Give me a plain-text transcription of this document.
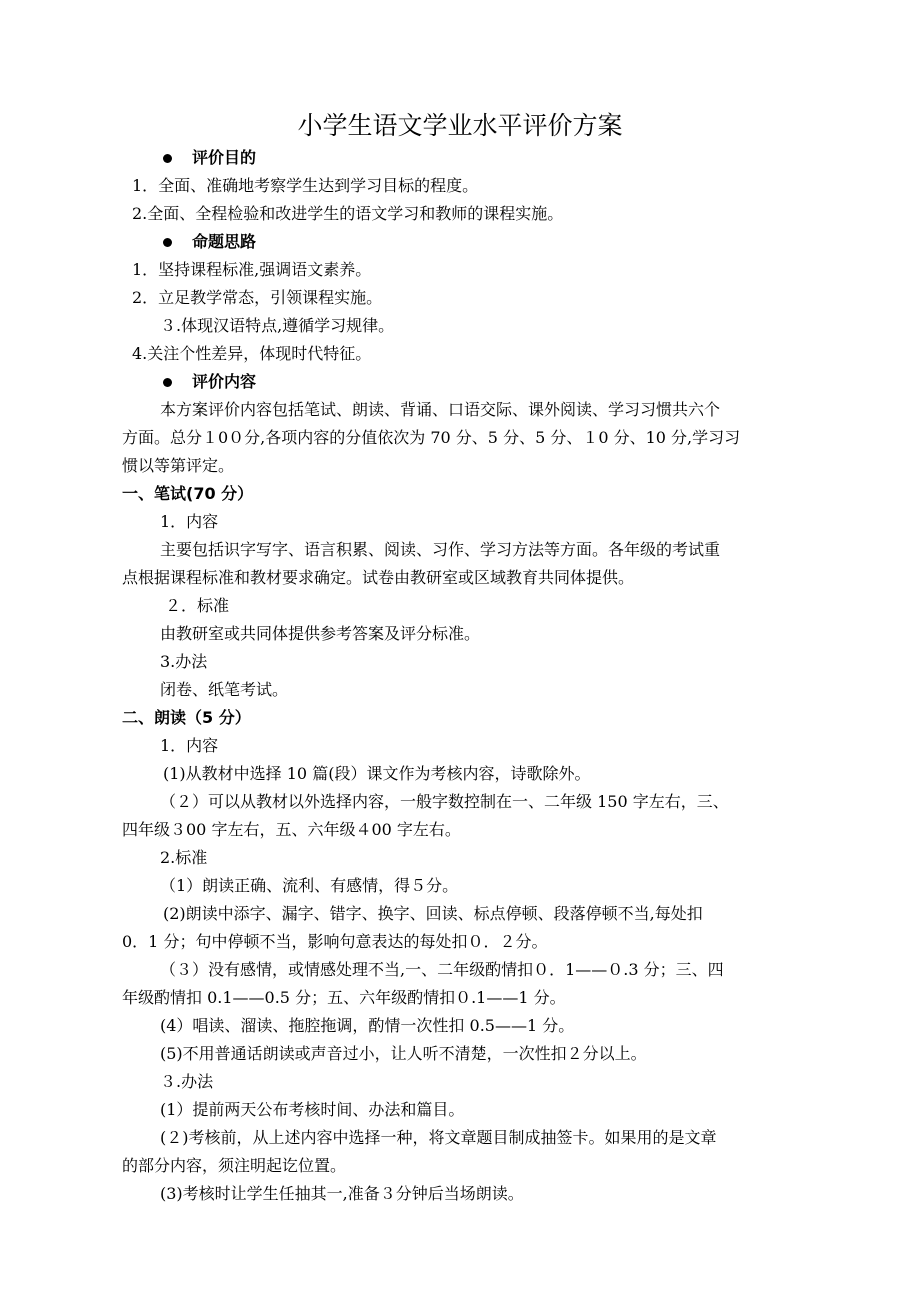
小学生语文学业水平评价方案
评价目的
1．全面、准确地考察学生达到学习目标的程度。
2.全面、全程检验和改进学生的语文学习和教师的课程实施。
命题思路
1．坚持课程标准,强调语文素养。
2．立足教学常态，引领课程实施。
３.体现汉语特点,遵循学习规律。
4.关注个性差异，体现时代特征。
评价内容
本方案评价内容包括笔试、朗读、背诵、口语交际、课外阅读、学习习惯共六个
方面。总分１0０分,各项内容的分值依次为 70 分、5 分、5 分、１0 分、10 分,学习习
惯以等第评定。
一、笔试(70 分）
1．内容
主要包括识字写字、语言积累、阅读、习作、学习方法等方面。各年级的考试重
点根据课程标准和教材要求确定。试卷由教研室或区域教育共同体提供。
２．标准
由教研室或共同体提供参考答案及评分标准。
3.办法
闭卷、纸笔考试。
二、朗读（5 分）
1．内容
(1)从教材中选择 10 篇(段）课文作为考核内容，诗歌除外。
（２）可以从教材以外选择内容，一般字数控制在一、二年级 150 字左右，三、
四年级３00 字左右，五、六年级４00 字左右。
2.标准
（1）朗读正确、流利、有感情，得５分。
(2)朗读中添字、漏字、错字、换字、回读、标点停顿、段落停顿不当,每处扣
0．1 分；句中停顿不当，影响句意表达的每处扣０．２分。
（３）没有感情，或情感处理不当,一、二年级酌情扣０．1——０.3 分；三、四
年级酌情扣 0.1——0.5 分；五、六年级酌情扣０.1——1 分。
(4）唱读、溜读、拖腔拖调，酌情一次性扣 0.5——1 分。
(5)不用普通话朗读或声音过小，让人听不清楚，一次性扣２分以上。
３.办法
(1）提前两天公布考核时间、办法和篇目。
(２)考核前，从上述内容中选择一种，将文章题目制成抽签卡。如果用的是文章
的部分内容，须注明起讫位置。
(3)考核时让学生任抽其一,准备３分钟后当场朗读。
